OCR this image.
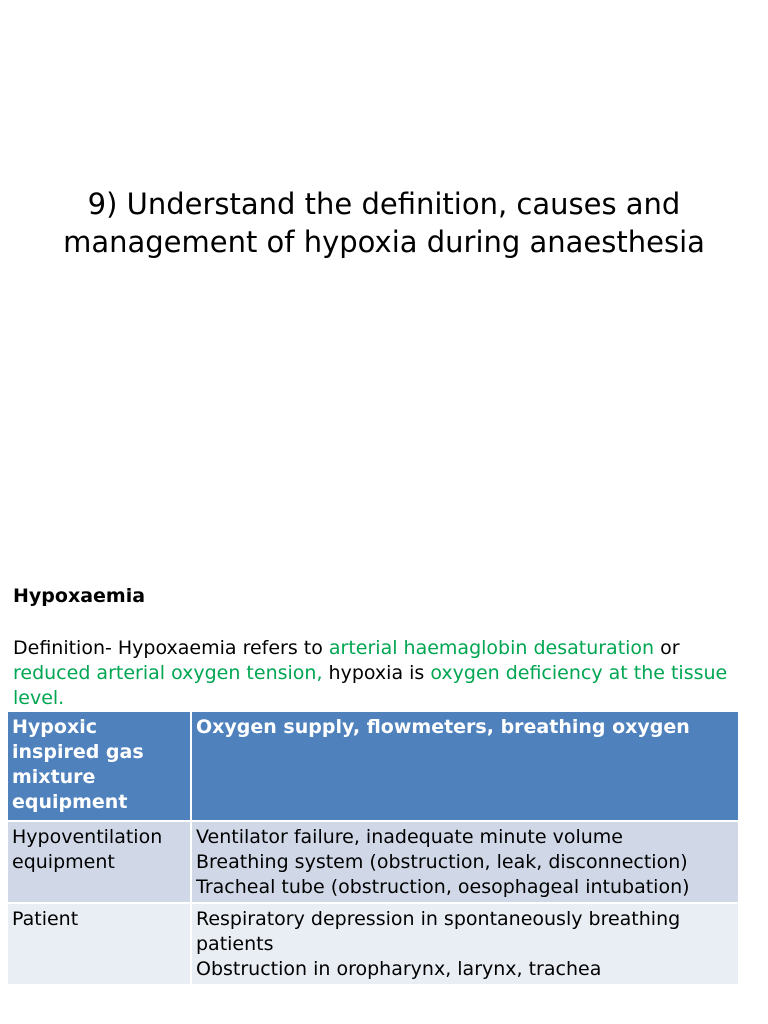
9) Understand the definition, causes and management of hypoxia during anaesthesia
Hypoxaemia

Definition- Hypoxaemia refers to arterial haemaglobin desaturation or reduced arterial oxygen tension, hypoxia is oxygen deficiency at the tissue level.

Hypoxic inspired gas mixture equipment	Oxygen supply, flowmeters, breathing oxygen
Hypoventilation equipment	Ventilator failure, inadequate minute volume
Breathing system (obstruction, leak, disconnection)
Tracheal tube (obstruction, oesophageal intubation)

Patient	Respiratory depression in spontaneously breathing patients
Obstruction in oropharynx, larynx, trachea
